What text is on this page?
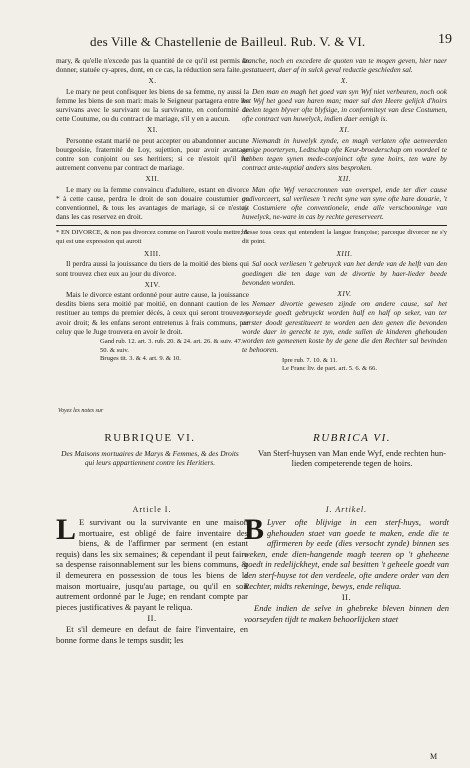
des Ville & Chastellenie de Bailleul. Rub. V. & VI.	19

mary, & qu'elle n'excede pas la quantité de ce qu'il est permis de donner, statuée cy-apres, dont, en ce cas, la réduction sera faite.

X.

Le mary ne peut confisquer les biens de sa femme, ny aussi la femme les biens de son mari: mais le Seigneur partagera entre les survivans avec le survivant ou la survivante, en conformité de cette Coutume, ou du contract de mariage, s'il y en a aucun.

XI.

Personne estant marié ne peut accepter ou abandonner aucune bourgeoisie, fraternité de Loy, sujettion, pour avoir avantage contre son conjoint ou ses heritiers; si ce n'estoit qu'il fut autrement convenu par contract de mariage.

XII.

Le mary ou la femme convaincu d'adultere, estant en divorce * à cette cause, perdra le droit de son douaire coustumier ou conventionnel, & tous les avantages de mariage, si ce n'estoit dans les cas reservez en droit.

* EN DIVORCE, & non pas divorcez comme on l'auroit voulu mettre; & qui est une expression qui auroit

XIII.

Il perdra aussi la jouissance du tiers de la moitié des biens qui sont trouvez chez eux au jour du divorce.

XIV.

Mais le divorce estant ordonné pour autre cause, la jouissance desdits biens sera moitié par moitié, en donnant caution de les restituer au temps du premier décés, à ceux qui seront trouvez y avoir droit; & les enfans seront entretenus à frais communs, par celuy que le Juge trouvera en avoir le droit.

Gand rub. 12. art. 3. rub. 20. & 24. art. 26. & suiv. 47. 50. & suiv.
Bruges tit. 3. & 4. art. 9. & 10.
Voyez les notes sur

kranche, noch en excedere de quoten van te mogen geven, hier naer gestatueert, daer af in sulck geval reductie geschieden sal.

X.

Den man en magh het goed van syn Wyf niet verbeuren, noch ook het Wyf het goed van haren man; maer sal den Heere gelijck d'hoirs deelen tegen blyver ofte blyfsige, in conformiteyt van dese Costumen, ofte contract van huwelyck, indien daer eenigh is.

XI.

Niemandt in huwelyk zynde, en magh verlaten ofte aenveerden eenige poorteryen, Ledtschap ofte Keur-broederschap om voordeel te hebben tegen synen mede-conjoinct ofte syne hoirs, ten ware by contract ante-nuptial anders sins besproken.

XII.

Man ofte Wyf veraccronnen van overspel, ende ter dier cause gedivorceert, sal verliesen 't recht syne van syne ofte hare douarie, 't zy Costumiere ofte conventionele, ende alle verschooninge van huwelyck, ne-ware in cas by rechte gereserveert.

blesse tous ceux qui entendent la langue françoise; parceque divorcer ne s'y dit point.

XIII.

Sal oock verliesen 't gebruyck van het derde van de helft van den goedingen die ten dage van de divortie by haer-lieder beede bevonden worden.

XIV.

Nemaer divortie gewesen zijnde om andere cause, sal het voorseyde goedt gebruyckt worden half en half op seker, van ter eerster doodt gerestitueert te worden aen den genen die bevonden worde daer in gerecht te zyn, ende sullen de kinderen ghehouden worden ten gemeenen koste by de gene die den Rechter sal bevinden te behooren.

Ipre rub. 7. 10. & 11.
Le Franc liv. de part. art. 5. 6. & 66.

RUBRIQUE VI.

Des Maisons mortuaires de Marys & Femmes, & des Droits qui leurs appartiennent contre les Heritiers.

RUBRICA VI.

Van Sterf-huysen van Man ende Wyf, ende rechten hun-lieden competerende tegen de hoirs.

Article I.

L E survivant ou la survivante en une maison mortuaire, est obligé de faire inventaire des biens, & de l'affirmer par serment (en estant requis) dans les six semaines; & cependant il peut faire sa despense raisonnablement sur les biens communs, & il demeurera en possession de tous les biens de la maison mortuaire, jusqu'au partage, ou qu'il en soit autrement ordonné par le Juge; en rendant compte par pieces justificatives & payant le reliqua.

II.

Et s'il demeure en defaut de faire l'inventaire, en bonne forme dans le temps susdit; les

I. Artikel.

B Lyver ofte blijvige in een sterf-huys, wordt ghehouden staet van goede te maken, ende die te affirmeren by eede (dies versocht zynde) binnen ses weken, ende dien-hangende magh teeren op 't gheheene goedt in redelijckheyt, ende sal besitten 't geheele goedt van den sterf-huyse tot den verdeele, ofte andere order van den Rechter, midts rekeninge, bewys, ende reliqua.

II.

Ende indien de selve in ghebreke bleven binnen den voorseyden tijdt te maken behoorlijcken staet

M
